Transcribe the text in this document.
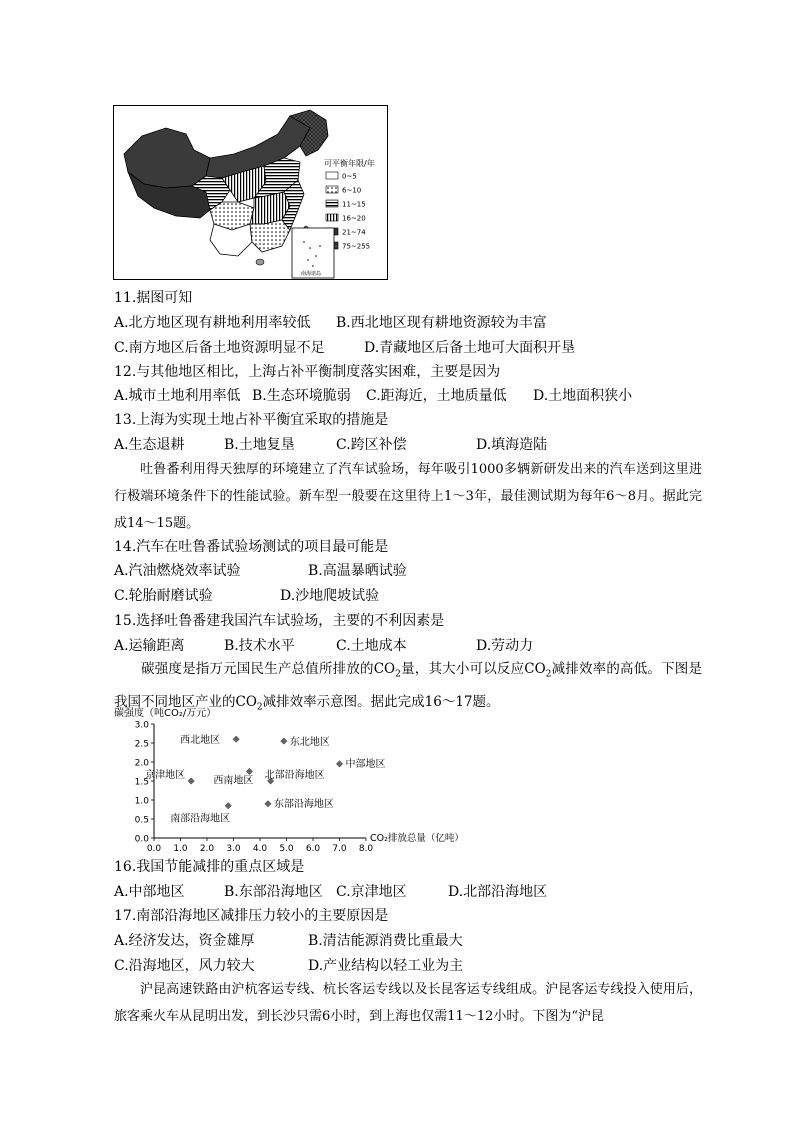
可平衡年限/年
0~5
6~10
11~15
16~20
21~74
75~255
南海诸岛
11.据图可知
A.北方地区现有耕地利用率较低 B.西北地区现有耕地资源较为丰富
C.南方地区后备土地资源明显不足	D.青藏地区后备土地可大面积开垦
12.与其他地区相比，上海占补平衡制度落实困难，主要是因为
A.城市土地利用率低 B.生态环境脆弱 C.距海近，土地质量低 D.土地面积狭小
13.上海为实现土地占补平衡宜采取的措施是
A.生态退耕	B.土地复垦	C.跨区补偿	D.填海造陆
吐鲁番利用得天独厚的环境建立了汽车试验场，每年吸引1000多辆新研发出来的汽车送到这里进行极端环境条件下的性能试验。新车型一般要在这里待上1～3年，最佳测试期为每年6～8月。据此完成14～15题。
14.汽车在吐鲁番试验场测试的项目最可能是
A.汽油燃烧效率试验	B.高温暴晒试验
C.轮胎耐磨试验	D.沙地爬坡试验
15.选择吐鲁番建我国汽车试验场，主要的不利因素是
A.运输距离	B.技术水平	C.土地成本	D.劳动力
碳强度是指万元国民生产总值所排放的$CO_2$量，其大小可以反应$CO_2$减排效率的高低。下图是我国不同地区产业的$CO_2$减排效率示意图。据此完成16～17题。
碳强度（吨CO₂/万元）
0.0
0.5
1.0
1.5
2.0
2.5
3.0
0.0 1.0 2.0 3.0 4.0 5.0 6.0 7.0 8.0
CO₂排放总量（亿吨）
西北地区	东北地区
中部地区
北部沿海地区
西南地区
京津地区
东部沿海地区
南部沿海地区
16.我国节能减排的重点区域是
A.中部地区	B.东部沿海地区 C.京津地区	D.北部沿海地区
17.南部沿海地区减排压力较小的主要原因是
A.经济发达，资金雄厚	B.清洁能源消费比重最大
C.沿海地区，风力较大	D.产业结构以轻工业为主
沪昆高速铁路由沪杭客运专线、杭长客运专线以及长昆客运专线组成。沪昆客运专线投入使用后，旅客乘火车从昆明出发，到长沙只需6小时，到上海也仅需11～12小时。下图为“沪昆
